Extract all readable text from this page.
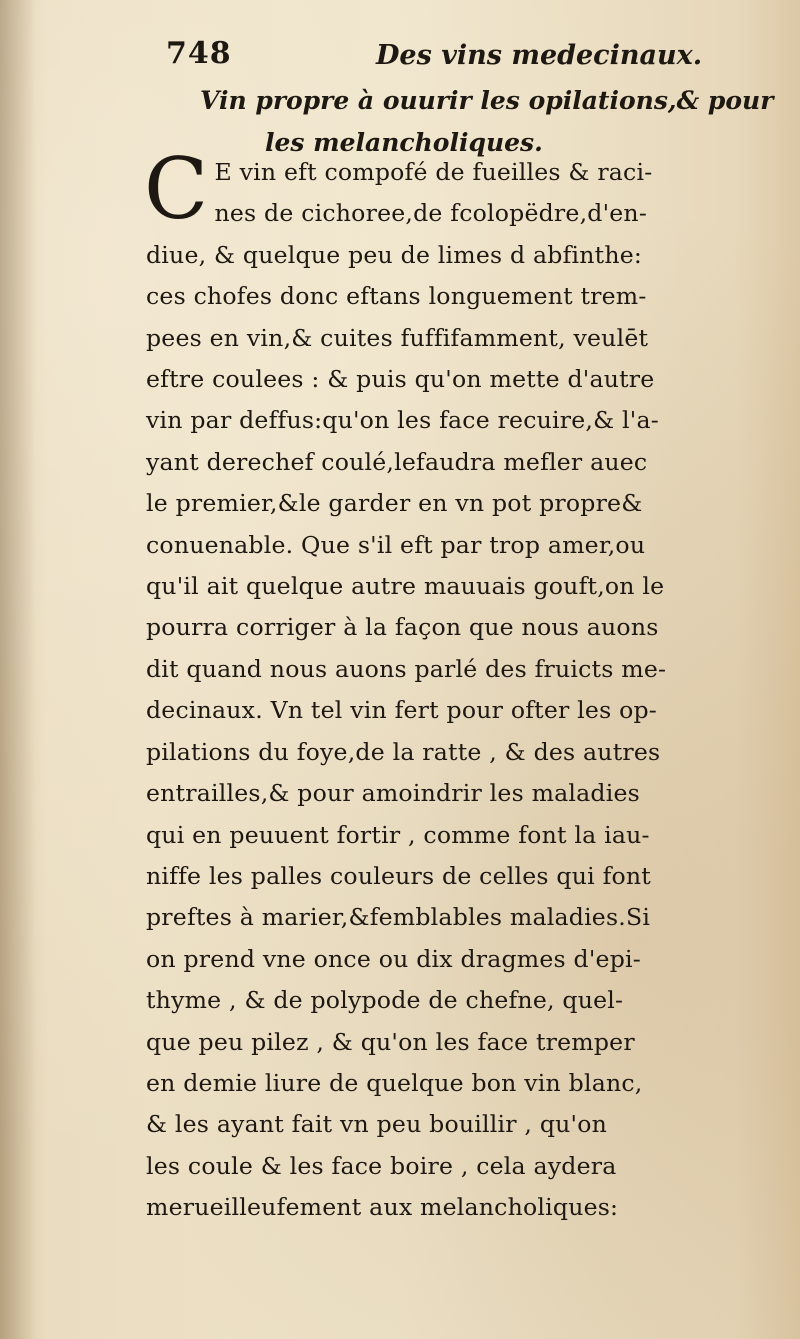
748	Des vins medecinaux.
Vin propre à ouurir les opilations,& pour
les melancholiques.
C E vin eft compofé de fueilles & raci-
nes de cichoree,de fcolopëdre,d'en-
diue, & quelque peu de limes d abfinthe:
ces chofes donc eftans longuement trem-
pees en vin,& cuites fuffifamment, veulēt
eftre coulees : & puis qu'on mette d'autre
vin par deffus:qu'on les face recuire,& l'a-
yant derechef coulé,lefaudra mefler auec
le premier,&le garder en vn pot propre&
conuenable. Que s'il eft par trop amer,ou
qu'il ait quelque autre mauuais gouft,on le
pourra corriger à la façon que nous auons
dit quand nous auons parlé des fruicts me-
decinaux. Vn tel vin fert pour ofter les op-
pilations du foye,de la ratte , & des autres
entrailles,& pour amoindrir les maladies
qui en peuuent fortir , comme font la iau-
niffe les palles couleurs de celles qui font
preftes à marier,&femblables maladies.Si
on prend vne once ou dix dragmes d'epi-
thyme , & de polypode de chefne, quel-
que peu pilez , & qu'on les face tremper
en demie liure de quelque bon vin blanc,
& les ayant fait vn peu bouillir , qu'on
les coule & les face boire , cela aydera
merueilleufement aux melancholiques:
